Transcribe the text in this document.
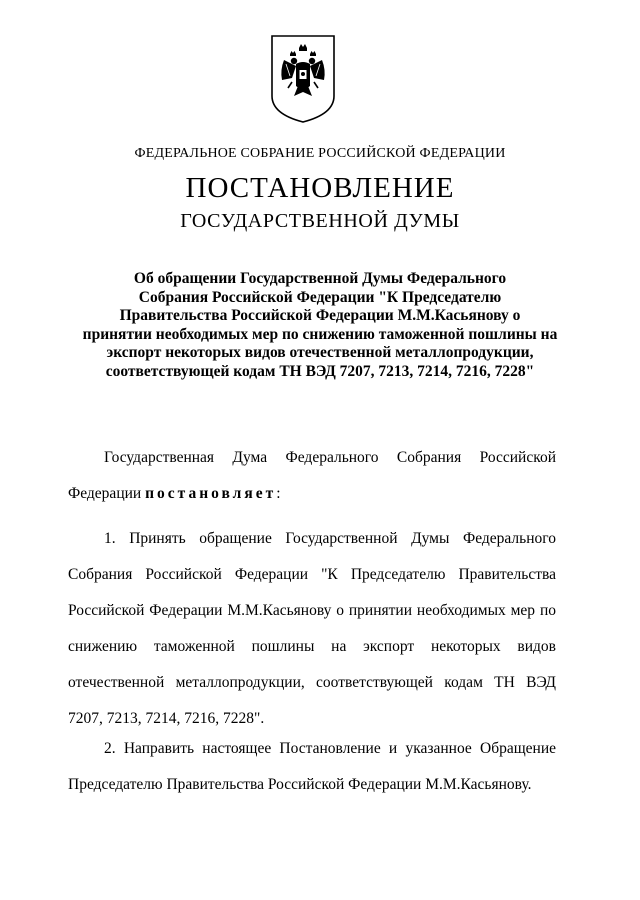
ФЕДЕРАЛЬНОЕ СОБРАНИЕ РОССИЙСКОЙ ФЕДЕРАЦИИ
ПОСТАНОВЛЕНИЕ
ГОСУДАРСТВЕННОЙ ДУМЫ
Об обращении Государственной Думы Федерального
Собрания Российской Федерации "К Председателю
Правительства Российской Федерации М.М.Касьянову о
принятии необходимых мер по снижению таможенной пошлины на
экспорт некоторых видов отечественной металлопродукции,
соответствующей кодам ТН ВЭД 7207, 7213, 7214, 7216, 7228"
Государственная Дума Федерального Собрания Российской Федерации постановляет:
1. Принять обращение Государственной Думы Федерального Собрания Российской Федерации "К Председателю Правительства Российской Федерации М.М.Касьянову о принятии необходимых мер по снижению таможенной пошлины на экспорт некоторых видов отечественной металлопродукции, соответствующей кодам ТН ВЭД 7207, 7213, 7214, 7216, 7228".
2. Направить настоящее Постановление и указанное Обращение Председателю Правительства Российской Федерации М.М.Касьянову.
